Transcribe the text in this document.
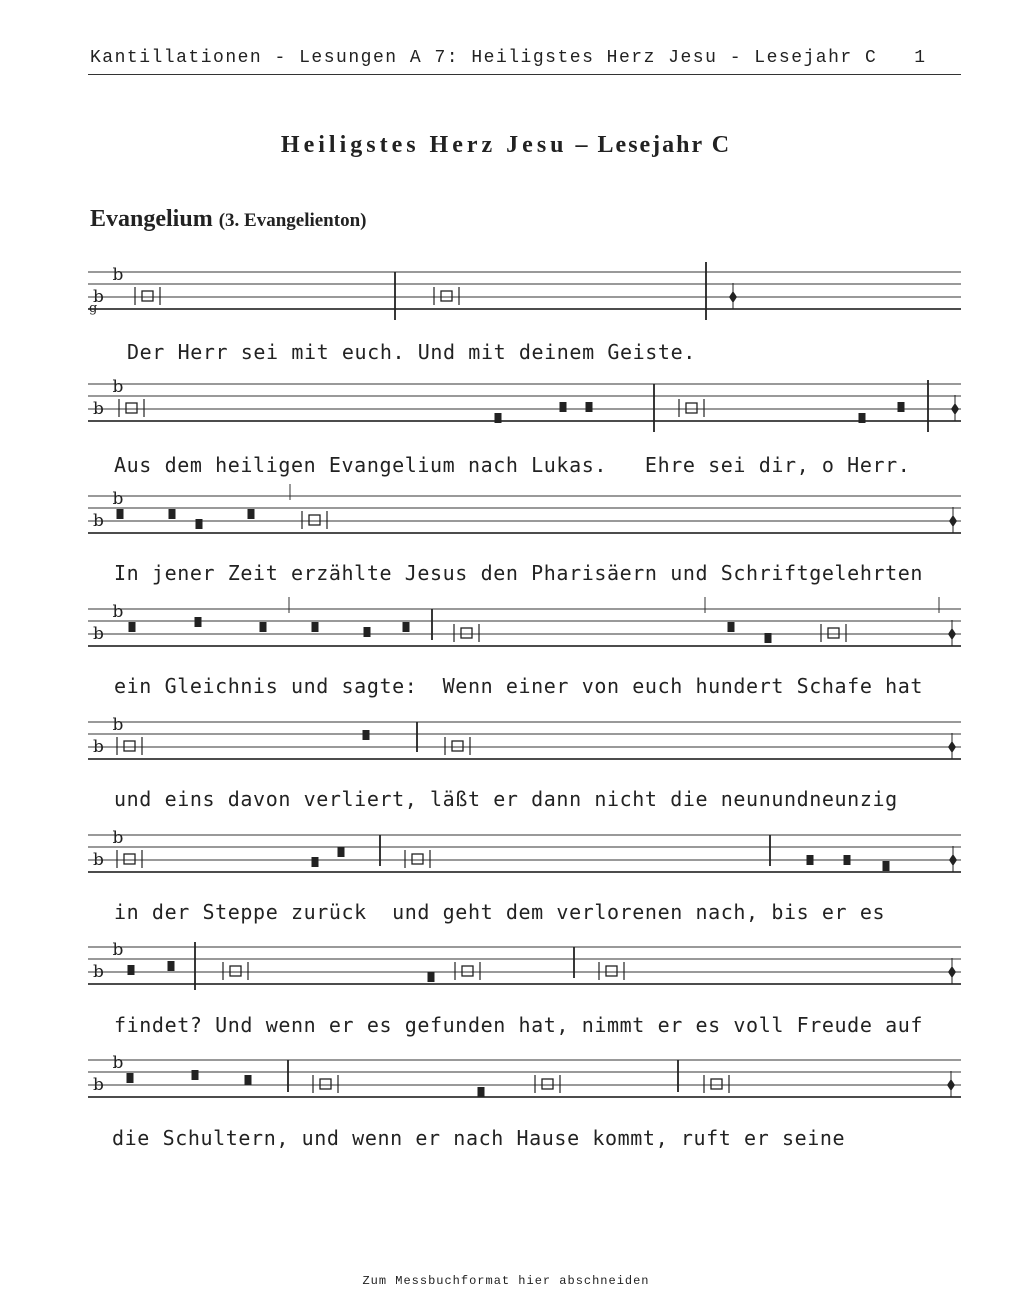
Kantillationen - Lesungen A 7: Heiligstes Herz Jesu - Lesejahr C 1
Heiligstes Herz Jesu – Lesejahr C
Evangelium (3. Evangelienton)
b
b
g
b
b
b
b
b
b
b
b
b
b
b
b
b
b
Der Herr sei mit euch. Und mit deinem Geiste.
Aus dem heiligen Evangelium nach Lukas.   Ehre sei dir, o Herr.
In jener Zeit erzählte Jesus den Pharisäern und Schriftgelehrten
ein Gleichnis und sagte:  Wenn einer von euch hundert Schafe hat
und eins davon verliert, läßt er dann nicht die neunundneunzig
in der Steppe zurück  und geht dem verlorenen nach, bis er es
findet? Und wenn er es gefunden hat, nimmt er es voll Freude auf
die Schultern, und wenn er nach Hause kommt, ruft er seine
Zum Messbuchformat hier abschneiden
